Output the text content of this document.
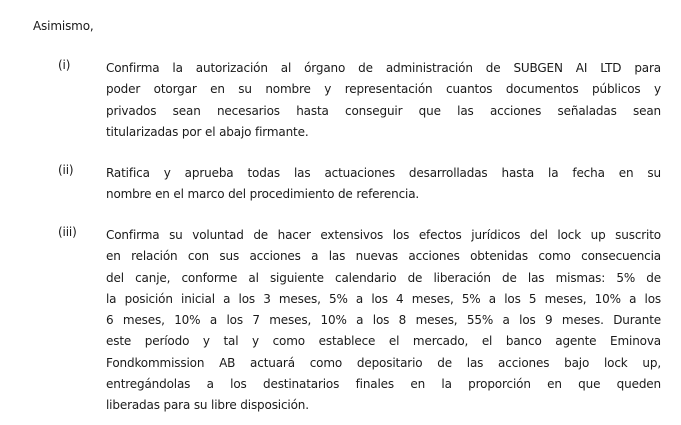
Asimismo,
(i)	Confirma la autorización al órgano de administración de SUBGEN AI LTD para
poder otorgar en su nombre y representación cuantos documentos públicos y
privados sean necesarios hasta conseguir que las acciones señaladas sean
titularizadas por el abajo firmante.
(ii)	Ratifica y aprueba todas las actuaciones desarrolladas hasta la fecha en su
nombre en el marco del procedimiento de referencia.
(iii) Confirma su voluntad de hacer extensivos los efectos jurídicos del lock up suscrito
en relación con sus acciones a las nuevas acciones obtenidas como consecuencia
del canje, conforme al siguiente calendario de liberación de las mismas: 5% de
la posición inicial a los 3 meses, 5% a los 4 meses, 5% a los 5 meses, 10% a los
6 meses, 10% a los 7 meses, 10% a los 8 meses, 55% a los 9 meses. Durante
este período y tal y como establece el mercado, el banco agente Eminova
Fondkommission AB actuará como depositario de las acciones bajo lock up,
entregándolas a los destinatarios finales en la proporción en que queden
liberadas para su libre disposición.
